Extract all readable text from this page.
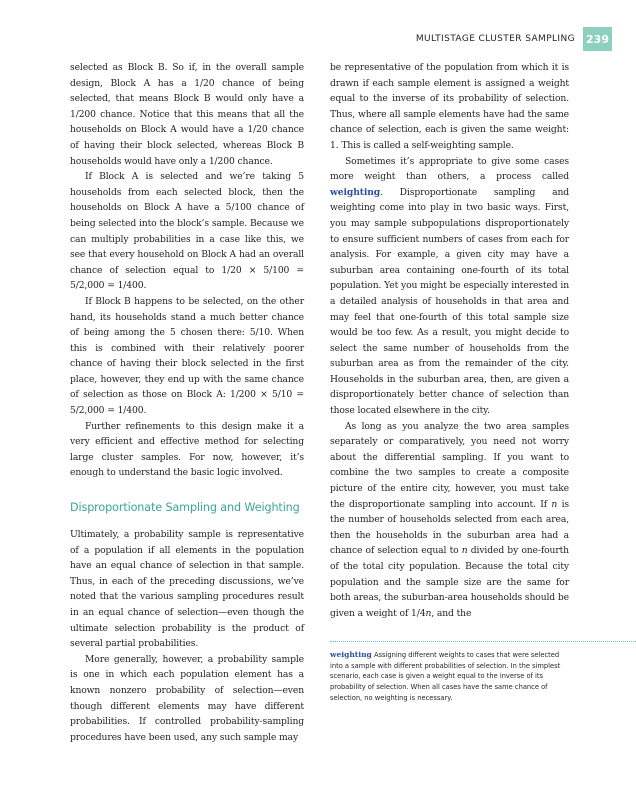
MULTISTAGE CLUSTER SAMPLING 239

selected as Block B. So if, in the overall sample design, Block A has a 1/20 chance of being selected, that means Block B would only have a 1/200 chance. Notice that this means that all the households on Block A would have a 1/20 chance of having their block selected, whereas Block B households would have only a 1/200 chance.

If Block A is selected and we’re taking 5 households from each selected block, then the households on Block A have a 5/100 chance of being selected into the block’s sample. Because we can multiply probabilities in a case like this, we see that every household on Block A had an overall chance of selection equal to 1/20 × 5/100 = 5/2,000 = 1/400.

If Block B happens to be selected, on the other hand, its households stand a much better chance of being among the 5 chosen there: 5/10. When this is combined with their relatively poorer chance of having their block selected in the first place, however, they end up with the same chance of selection as those on Block A: 1/200 × 5/10 = 5/2,000 = 1/400.

Further refinements to this design make it a very efficient and effective method for selecting large cluster samples. For now, however, it’s enough to understand the basic logic involved.

Disproportionate Sampling and Weighting

Ultimately, a probability sample is representative of a population if all elements in the population have an equal chance of selection in that sample. Thus, in each of the preceding discussions, we’ve noted that the various sampling procedures result in an equal chance of selection—even though the ultimate selection probability is the product of several partial probabilities.

More generally, however, a probability sample is one in which each population element has a known nonzero probability of selection—even though different elements may have different probabilities. If controlled probability-sampling procedures have been used, any such sample may

be representative of the population from which it is drawn if each sample element is assigned a weight equal to the inverse of its probability of selection. Thus, where all sample elements have had the same chance of selection, each is given the same weight: 1. This is called a self-weighting sample.

Sometimes it’s appropriate to give some cases more weight than others, a process called weighting. Disproportionate sampling and weighting come into play in two basic ways. First, you may sample subpopulations disproportionately to ensure sufficient numbers of cases from each for analysis. For example, a given city may have a suburban area containing one-fourth of its total population. Yet you might be especially interested in a detailed analysis of households in that area and may feel that one-fourth of this total sample size would be too few. As a result, you might decide to select the same number of households from the suburban area as from the remainder of the city. Households in the suburban area, then, are given a disproportionately better chance of selection than those located elsewhere in the city.

As long as you analyze the two area samples separately or comparatively, you need not worry about the differential sampling. If you want to combine the two samples to create a composite picture of the entire city, however, you must take the disproportionate sampling into account. If n is the number of households selected from each area, then the households in the suburban area had a chance of selection equal to n divided by one-fourth of the total city population. Because the total city population and the sample size are the same for both areas, the suburban-area households should be given a weight of 1/4n, and the

weighting Assigning different weights to cases that were selected into a sample with different probabilities of selection. In the simplest scenario, each case is given a weight equal to the inverse of its probability of selection. When all cases have the same chance of selection, no weighting is necessary.
